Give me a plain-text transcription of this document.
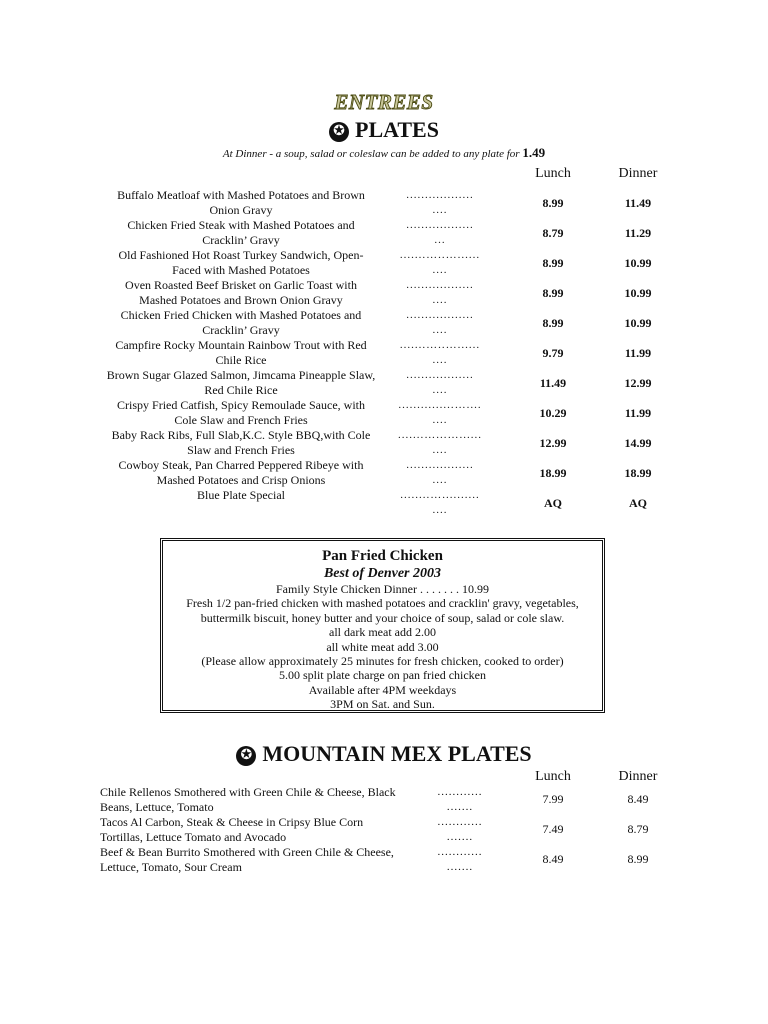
ENTREES
✪ PLATES
At Dinner - a soup, salad or coleslaw can be added to any plate for 1.49
Lunch	Dinner
Buffalo Meatloaf with Mashed Potatoes and Brown
Onion Gravy
..................
....	8.99	11.49
Chicken Fried Steak with Mashed Potatoes and
Cracklin’ Gravy
..................
...	8.79	11.29
Old Fashioned Hot Roast Turkey Sandwich, Open-
Faced with Mashed Potatoes
.......…..…......
....	8.99	10.99
Oven Roasted Beef Brisket on Garlic Toast with
Mashed Potatoes and Brown Onion Gravy
..................
....	8.99	10.99
Chicken Fried Chicken with Mashed Potatoes and
Cracklin’ Gravy
..................
....	8.99	10.99
Campfire Rocky Mountain Rainbow Trout with Red
Chile Rice
.......…..…......
....	9.79	11.99
Brown Sugar Glazed Salmon, Jimcama Pineapple Slaw,
Red Chile Rice
..................
....	11.49	12.99
Crispy Fried Catfish, Spicy Remoulade Sauce, with
Cole Slaw and French Fries
...............…....
....	10.29	11.99
Baby Rack Ribs, Full Slab,K.C. Style BBQ,with Cole
Slaw and French Fries
.......…...…......
....	12.99	14.99
Cowboy Steak, Pan Charred Peppered Ribeye with
Mashed Potatoes and Crisp Onions
..................
....	18.99	18.99
Blue Plate Special	........…..........
....	AQ	AQ
Pan Fried Chicken
Best of Denver 2003
Family Style Chicken Dinner . . . . . . . 10.99
Fresh 1/2 pan-fried chicken with mashed potatoes and cracklin' gravy, vegetables,
buttermilk biscuit, honey butter and your choice of soup, salad or cole slaw.
all dark meat add 2.00
all white meat add 3.00
(Please allow approximately 25 minutes for fresh chicken, cooked to order)
5.00 split plate charge on pan fried chicken
Available after 4PM weekdays
3PM on Sat. and Sun.
✪ MOUNTAIN MEX PLATES
Lunch	Dinner
Chile Rellenos Smothered with Green Chile & Cheese, Black
Beans, Lettuce, Tomato
............
.......
7.99	8.49
Tacos Al Carbon, Steak & Cheese in Cripsy Blue Corn
Tortillas, Lettuce Tomato and Avocado
............
.......
7.49	8.79
Beef & Bean Burrito Smothered with Green Chile & Cheese,
Lettuce, Tomato, Sour Cream
............
.......
8.49	8.99
